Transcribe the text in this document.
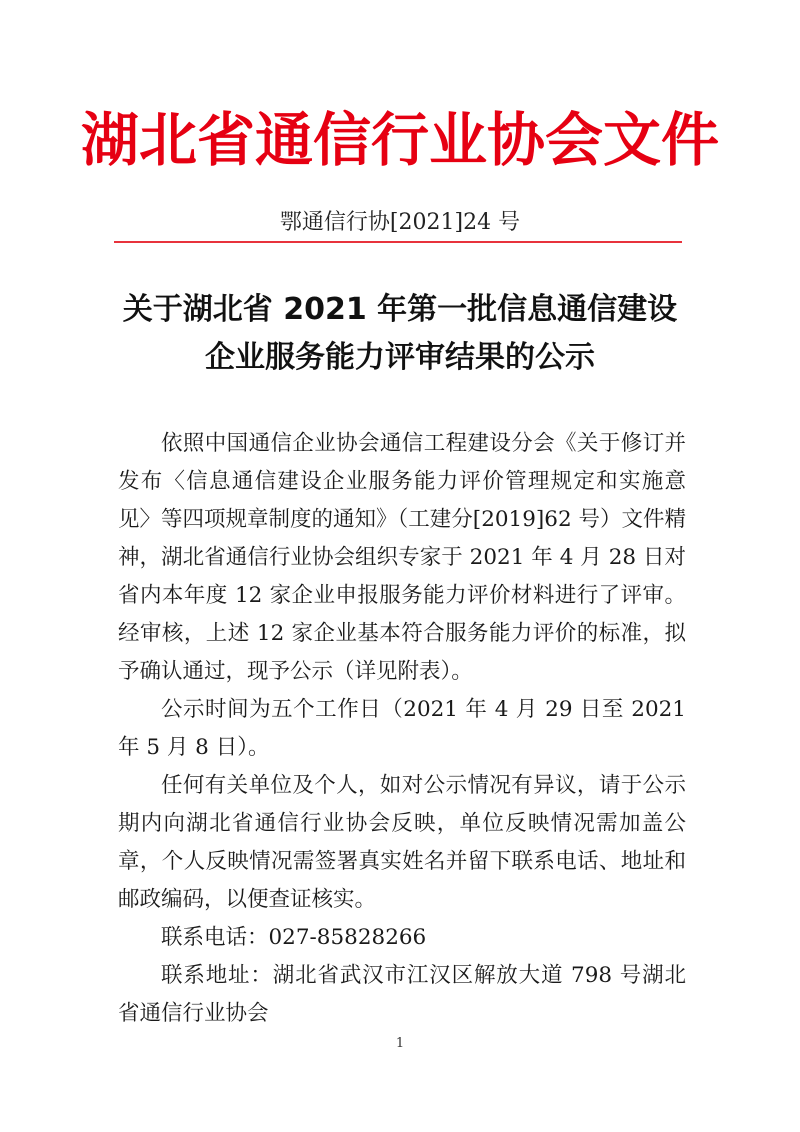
湖北省通信行业协会文件
鄂通信行协[2021]24 号
关于湖北省 2021 年第一批信息通信建设
企业服务能力评审结果的公示

依照中国通信企业协会通信工程建设分会《关于修订并发布〈信息通信建设企业服务能力评价管理规定和实施意见〉等四项规章制度的通知》（工建分[2019]62 号）文件精神，湖北省通信行业协会组织专家于 2021 年 4 月 28 日对省内本年度 12 家企业申报服务能力评价材料进行了评审。经审核，上述 12 家企业基本符合服务能力评价的标准，拟予确认通过，现予公示（详见附表）。

公示时间为五个工作日（2021 年 4 月 29 日至 2021 年 5 月 8 日）。

任何有关单位及个人，如对公示情况有异议，请于公示期内向湖北省通信行业协会反映，单位反映情况需加盖公章，个人反映情况需签署真实姓名并留下联系电话、地址和邮政编码，以便查证核实。

联系电话：027-85828266

联系地址：湖北省武汉市江汉区解放大道 798 号湖北省通信行业协会

1
